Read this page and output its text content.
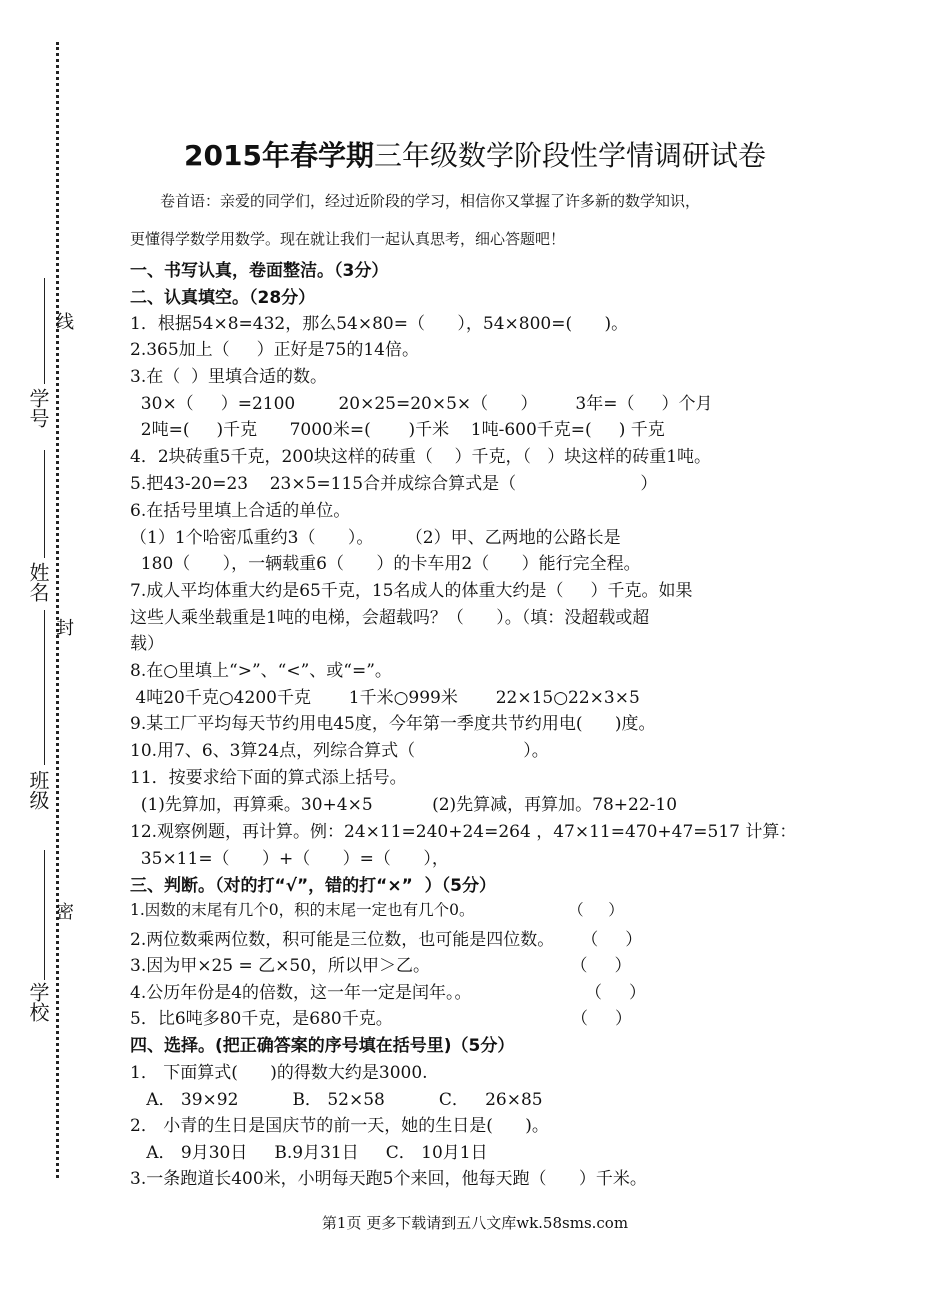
学校
班级
姓名
学号
密
封
线
2015年春学期三年级数学阶段性学情调研试卷
卷首语：亲爱的同学们，经过近阶段的学习，相信你又掌握了许多新的数学知识，
更懂得学数学用数学。现在就让我们一起认真思考，细心答题吧！
一、书写认真，卷面整洁。（3分）
二、认真填空。（28分）
1．根据54×8=432，那么54×80=（      ），54×800=(      )。
2.365加上（     ）正好是75的14倍。
3.在（  ）里填合适的数。
30×（     ）=2100        20×25=20×5×（      ）       3年=（     ）个月
2吨=(     )千克      7000米=(       )千米    1吨-600千克=(     ) 千克
4．2块砖重5千克，200块这样的砖重（    ）千克，（   ）块这样的砖重1吨。
5.把43-20=23    23×5=115合并成综合算式是（                       ）
6.在括号里填上合适的单位。
（1）1个哈密瓜重约3（      ）。      （2）甲、乙两地的公路长是
180（      ），一辆载重6（      ）的卡车用2（      ）能行完全程。
7.成人平均体重大约是65千克，15名成人的体重大约是（     ）千克。如果
这些人乘坐载重是1吨的电梯，会超载吗？（      ）。（填：没超载或超
载）
8.在○里填上“>”、“<”、或“=”。
4吨20千克○4200千克       1千米○999米       22×15○22×3×5
9.某工厂平均每天节约用电45度，今年第一季度共节约用电(      )度。
10.用7、6、3算24点，列综合算式（                    ）。
11．按要求给下面的算式添上括号。
(1)先算加，再算乘。30+4×5           (2)先算减，再算加。78+22-10
12.观察例题，再计算。例：24×11=240+24=264 ，47×11=470+47=517 计算：
35×11=（      ）+（      ）=（      ），
三、判断。（对的打“√”，错的打“×”  ）（5分）
1.因数的末尾有几个0，积的末尾一定也有几个0。                   （     ）
2.两位数乘两位数，积可能是三位数，也可能是四位数。     （     ）
3.因为甲×25 = 乙×50，所以甲＞乙。                          （     ）
4.公历年份是4的倍数，这一年一定是闰年。。                     （     ）
5．比6吨多80千克，是680千克。                                 （     ）
四、选择。(把正确答案的序号填在括号里)（5分）
1． 下面算式(      )的得数大约是3000.
A． 39×92          B． 52×58          C．   26×85
2． 小青的生日是国庆节的前一天，她的生日是(      )。
A． 9月30日     B.9月31日     C． 10月1日
3.一条跑道长400米，小明每天跑5个来回，他每天跑（      ）千米。
第1页 更多下载请到五八文库wk.58sms.com
